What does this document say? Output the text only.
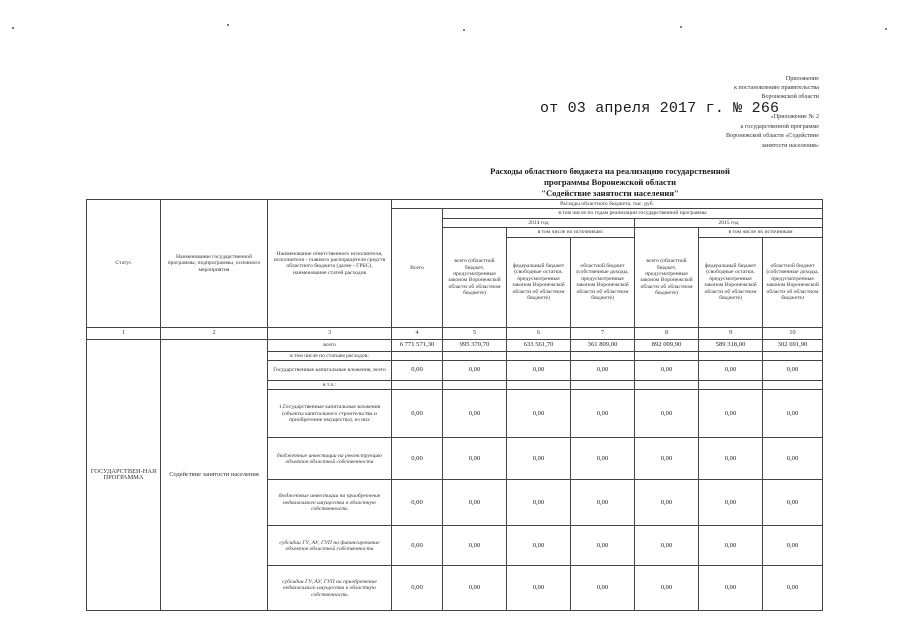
Приложение
к постановлению правительства
Воронежской области
от 03 апреля 2017 г. № 266
«Приложение № 2
к государственной программе
Воронежской области «Содействие
занятости населения»
Расходы областного бюджета на реализацию государственной
программы Воронежской области
"Содействие занятости населения"
Статус	Наименование государственной программы, подпрограммы, основного мероприятия	Наименование ответственного исполнителя, исполнителя - главного распорядителя средств областного бюджета (далее - ГРБС), наименование статей расходов	Расходы областного бюджета, тыс. руб.						
			Всего	в том числе по годам реализации государственной программы					
				2014 год			2015 год		
				всего (областной бюджет, предусмотренные законом Воронежской области об областном бюджете)	в том числе по источникам:		всего (областной бюджет, предусмотренные законом Воронежской области об областном бюджете)	в том числе по источникам	
					федеральный бюджет (свободные остатки, предусмотренные законом Воронежской области об областном бюджете)	областной бюджет (собственные доходы, предусмотренные законом Воронежской области об областном бюджете)		федеральный бюджет (свободные остатки, предусмотренные законом Воронежской области об областном бюджете)	областной бюджет (собственные доходы, предусмотренные законом Воронежской области об областном бюджете)
1	2	3	4	5	6	7	8	9	10
ГОСУДАРСТВЕН-НАЯ ПРОГРАММА	Содействие занятости населения	всего	6 771 571,30	995 370,70	633 561,70	361 809,00	892 009,90	589 318,00	302 691,90
		в том числе по статьям расходов:							
		Государственные капитальные вложения, всего	0,00	0,00	0,00	0,00	0,00	0,00	0,00
		в т.ч.:							
		1.Государственные капитальные вложения (объекты капитального строительства и приобретение имущества), из них	0,00	0,00	0,00	0,00	0,00	0,00	0,00
		бюджетные инвестиции на реконструкцию объектов областной собственности	0,00	0,00	0,00	0,00	0,00	0,00	0,00
		бюджетные инвестиции на приобретение недвижимого имущества в областную собственность	0,00	0,00	0,00	0,00	0,00	0,00	0,00
		субсидии ГУ, АУ, ГУП на финансирование объектов областной собственности	0,00	0,00	0,00	0,00	0,00	0,00	0,00
		субсидии ГУ, АУ, ГУП на приобретение недвижимого имущества в областную собственность	0,00	0,00	0,00	0,00	0,00	0,00	0,00
